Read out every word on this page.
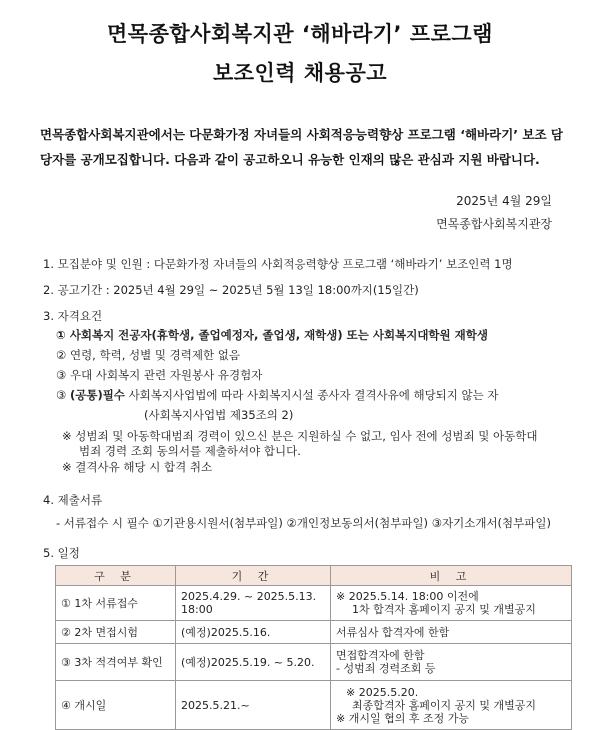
면목종합사회복지관 ‘해바라기’ 프로그램
보조인력 채용공고
면목종합사회복지관에서는 다문화가정 자녀들의 사회적응능력향상 프로그램 ‘해바라기’ 보조 담
당자를 공개모집합니다. 다음과 같이 공고하오니 유능한 인재의 많은 관심과 지원 바랍니다.
2025년 4월 29일
면목종합사회복지관장
1. 모집분야 및 인원 : 다문화가정 자녀들의 사회적응력향상 프로그램 ‘해바라기’ 보조인력 1명
2. 공고기간 : 2025년 4월 29일 ~ 2025년 5월 13일 18:00까지(15일간)
3. 자격요건
① 사회복지 전공자(휴학생, 졸업예정자, 졸업생, 재학생) 또는 사회복지대학원 재학생
② 연령, 학력, 성별 및 경력제한 없음
③ 우대 사회복지 관련 자원봉사 유경험자
③ (공통)필수 사회복지사업법에 따라 사회복지시설 종사자 결격사유에 해당되지 않는 자
(사회복지사업법 제35조의 2)
※ 성범죄 및 아동학대범죄 경력이 있으신 분은 지원하실 수 없고, 임사 전에 성범죄 및 아동학대
범죄 경력 조회 동의서를 제출하셔야 합니다.
※ 결격사유 해당 시 합격 취소
4. 제출서류
- 서류접수 시 필수 ①기관용시원서(첨부파일) ②개인정보동의서(첨부파일) ③자기소개서(첨부파일)
5. 일정
구 분	기 간	비 고
① 1차 서류접수	2025.4.29. ~ 2025.5.13. 18:00	※ 2025.5.14. 18:00 이전에
1차 합격자 홈페이지 공지 및 개별공지

② 2차 면접시험	(예정)2025.5.16.	서류심사 합격자에 한함
③ 3차 적격여부 확인	(예정)2025.5.19. ~ 5.20.	면접합격자에 한함
- 성범죄 경력조회 등

④ 개시일	2025.5.21.~	※ 2025.5.20.
최종합격자 홈페이지 공지 및 개별공지
※ 개시일 협의 후 조정 가능
